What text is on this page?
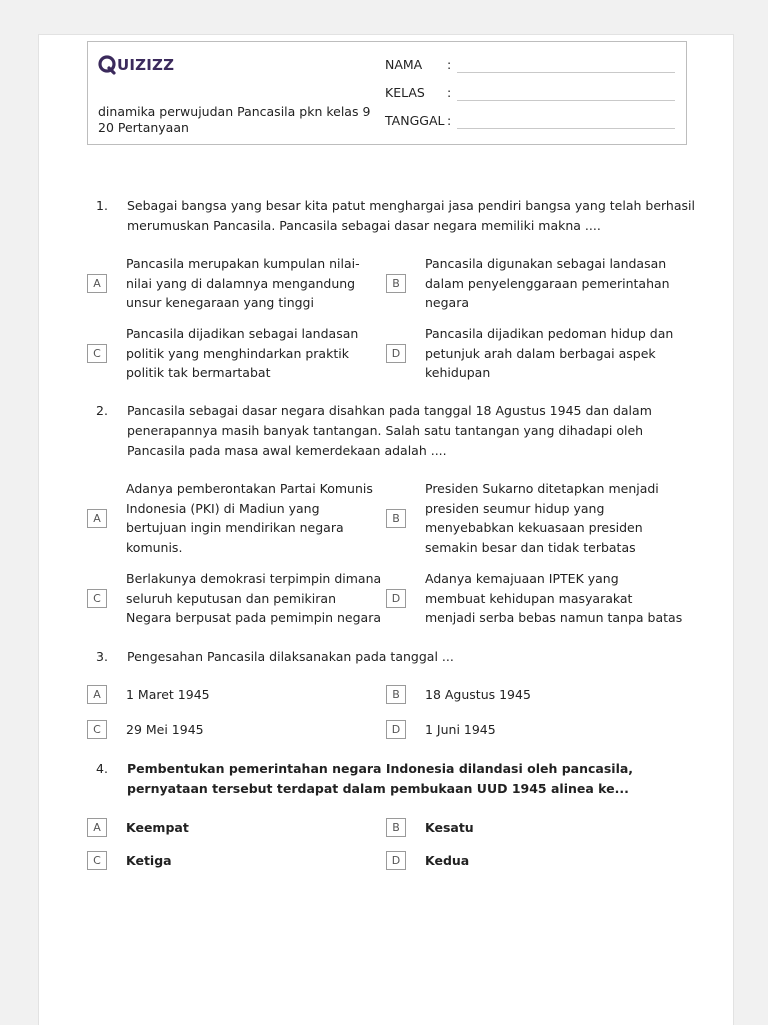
UIZIZZ
dinamika perwujudan Pancasila pkn kelas 9
20 Pertanyaan
NAMA :
KELAS :
TANGGAL :
1. Sebagai bangsa yang besar kita patut menghargai jasa pendiri bangsa yang telah berhasil merumuskan Pancasila. Pancasila sebagai dasar negara memiliki makna ....
A
Pancasila merupakan kumpulan nilai-nilai yang di dalamnya mengandung unsur kenegaraan yang tinggi
B
Pancasila digunakan sebagai landasan dalam penyelenggaraan pemerintahan negara
C
Pancasila dijadikan sebagai landasan politik yang menghindarkan praktik politik tak bermartabat
D
Pancasila dijadikan pedoman hidup dan petunjuk arah dalam berbagai aspek kehidupan
2. Pancasila sebagai dasar negara disahkan pada tanggal 18 Agustus 1945 dan dalam penerapannya masih banyak tantangan. Salah satu tantangan yang dihadapi oleh Pancasila pada masa awal kemerdekaan adalah ....
A
Adanya pemberontakan Partai Komunis Indonesia (PKI) di Madiun yang bertujuan ingin mendirikan negara komunis.
B
Presiden Sukarno ditetapkan menjadi presiden seumur hidup yang menyebabkan kekuasaan presiden semakin besar dan tidak terbatas
C
Berlakunya demokrasi terpimpin dimana seluruh keputusan dan pemikiran Negara berpusat pada pemimpin negara
D
Adanya kemajuaan IPTEK yang membuat kehidupan masyarakat menjadi serba bebas namun tanpa batas
3. Pengesahan Pancasila dilaksanakan pada tanggal ...
A	1 Maret 1945	B	18 Agustus 1945
C	29 Mei 1945	D	1 Juni 1945
4. Pembentukan pemerintahan negara Indonesia dilandasi oleh pancasila, pernyataan tersebut terdapat dalam pembukaan UUD 1945 alinea ke...
A	Keempat	B	Kesatu
C	Ketiga	D	Kedua
